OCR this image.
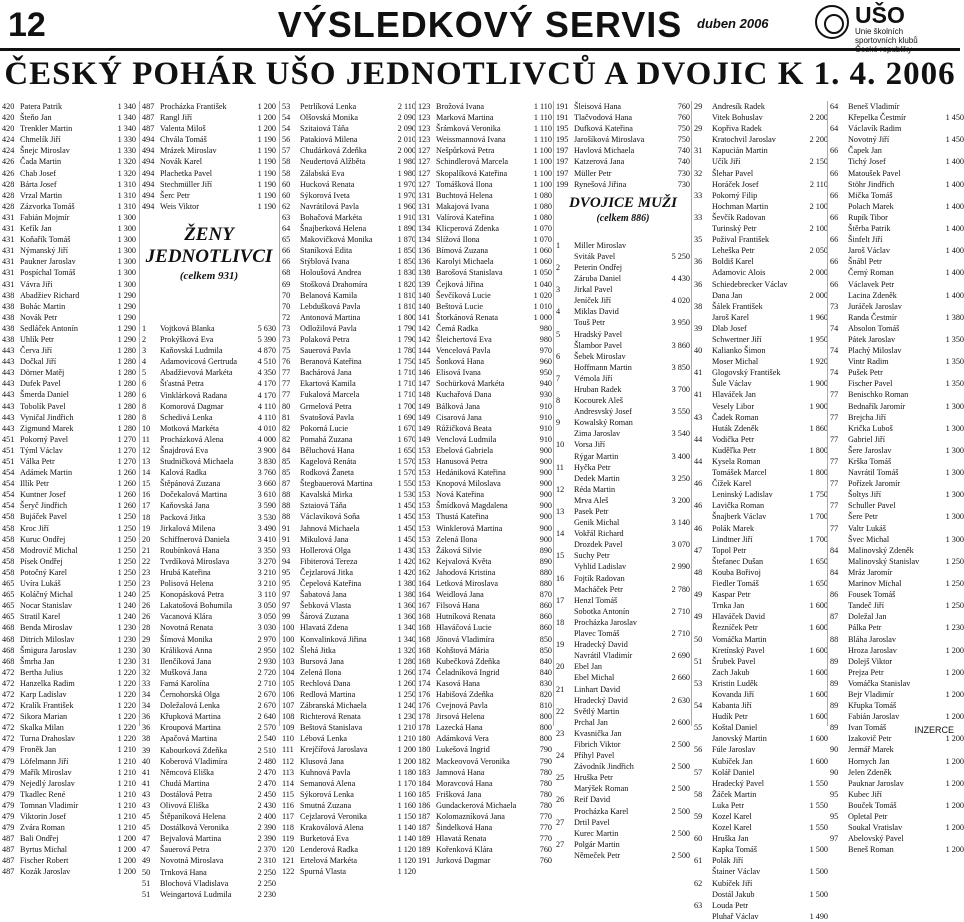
12	VÝSLEDKOVÝ SERVIS	duben 2006	UŠO
Unie školních
sportovních klubů
ČESKÝ POHÁR UŠO JEDNOTLIVCŮ A DVOJIC K 1. 4. 2006
420 Patera Patrik	1 340
420 Šteňo Jan	1 340
420 Trenkler Martin	1 340
424 Chmelík Jiří	1 330
424 Šnejc Miroslav	1 330
426 Čada Martin	1 320
426 Chab Josef	1 320
428 Bárta Josef	1 310
428 Vrzal Martin	1 310
428 Zázvorka Tomáš	1 310
431 Fabián Mojmír	1 300
431 Kefík Jan	1 300
431 Koňařík Tomáš	1 300
431 Nýmanský Jiří	1 300
431 Paukner Jaroslav	1 300
431 Pospíchal Tomáš	1 300
431 Vávra Jiří	1 300
438 Abadžiev Richard	1 290
438 Bohác Martin	1 290
438 Novák Petr	1 290
438 Sedláček Antonín	1 290
438 Uhlík Petr	1 290
443 Červa Jiří	1 280
443 Dočkal Jiří	1 280
443 Dörner Matěj	1 280
443 Dufek Pavel	1 280
443 Šmerda Daniel	1 280
443 Tobolík Pavel	1 280
443 Vyničal Jindřich	1 280
443 Zigmund Marek	1 280
451 Pokorný Pavel	1 270
451 Týml Václav	1 270
451 Válka Petr	1 270
454 Adámek Martin	1 260
454 Illík Petr	1 260
454 Kuntner Josef	1 260
454 Šeryč Jindřich	1 260
458 Bujáček Pavel	1 250
458 Kroc Jiří	1 250
458 Kuruc Ondřej	1 250
458 Modrovič Michal	1 250
458 Písek Ondřej	1 250
458 Potočný Karel	1 250
465 Uvíra Lukáš	1 250
465 Koláčný Michal	1 240
465 Nocar Stanislav	1 240
465 Stratil Karel	1 240
468 Benda Miroslav	1 230
468 Ditrich Miloslav	1 230
468 Šmigura Jaroslav	1 230
468 Šmrha Jan	1 230
472 Bertha Julius	1 220
472 Hanzelka Radim	1 220
472 Karp Ladislav	1 220
472 Kralík František	1 220
472 Sikora Marian	1 220
472 Skalka Milan	1 220
472 Turna Drahoslav	1 220
479 Froněk Jan	1 210
479 Löfelmann Jiří	1 210
479 Mařík Miroslav	1 210
479 Nejedlý Jaroslav	1 210
479 Tkadlec René	1 210
479 Tomnan Vladimír	1 210
479 Viktorin Josef	1 210
479 Zvára Roman	1 210
487 Bali Ondřej	1 200
487 Byrtus Michal	1 200
487 Fischer Robert	1 200
487 Kozák Jaroslav	1 200
487 Procházka František	1 200
487 Rangl Jiří	1 200
487 Valenta Miloš	1 200
494 Chvála Tomáš	1 190
494 Mrázek Miroslav	1 190
494 Novák Karel	1 190
494 Plachetka Pavel	1 190
494 Stechmüller Jiří	1 190
494 Šerc Petr	1 190
494 Weis Viktor	1 190
ŽENY
JEDNOTLIVCI
(celkem 931)
1	Vojtková Blanka	5 630
2	Prokýšková Eva	5 390
3	Kaňovská Ludmila	4 870
4	Adamovicová Gertruda	4 510
5	Abadžievová Markéta	4 350
6	Šťastná Petra	4 170
6	Vinklárková Radana	4 170
8	Komorová Dagmar	4 110
8	Schedivá Lenka	4 110
10	Motková Markéta	4 010
11	Procházková Alena	4 000
12	Šnajdrová Eva	3 900
13	Studničková Michaela	3 830
14	Kalová Radka	3 760
15	Štěpánová Zuzana	3 660
16	Dočekalová Martina	3 610
17	Kaňovská Jana	3 590
18	Packová Jitka	3 530
19	Jirkalová Milena	3 490
20	Schiffnerová Daniela	3 410
21	Roubínková Hana	3 350
22	Tvrdíková Miroslava	3 270
23	Hrubá Kateřina	3 210
23	Polisová Helena	3 210
25	Konopásková Petra	3 110
26	Lakatošová Bohumila	3 050
26	Vacanová Klára	3 050
28	Novotná Renata	3 030
29	Šímová Monika	2 970
30	Králiková Anna	2 950
31	Ilenčíková Jana	2 930
32	Mušková Jana	2 720
33	Farná Karolína	2 710
34	Černohorská Olga	2 670
34	Doležalová Lenka	2 670
36	Křupková Martina	2 640
36	Kroupová Martina	2 570
38	Apačová Martina	2 540
39	Kabourková Zdeňka	2 510
40	Koberová Vladimíra	2 480
41	Němcová Eliška	2 470
41	Chudá Martina	2 470
43	Dostálová Petra	2 450
43	Olivová Eliška	2 430
45	Štěpaníková Helena	2 400
45	Dostálková Veronika	2 390
47	Bejvalová Martina	2 390
47	Šauerová Petra	2 370
49	Novotná Miroslava	2 310
50	Trnková Hana	2 250
51	Blochová Vladislava	2 250
51	Weingartová Ludmila	2 230
53	Petrlíková Lenka	2 110
54	Olšovská Monika	2 090
54	Szitaiová Táňa	2 090
56	Patakiová Milena	2 010
57	Chudárková Zdeňka	2 000
58	Neudertová Alžběta	1 980
58	Zálabská Eva	1 980
60	Hucková Renata	1 970
60	Sýkorová Iveta	1 970
62	Navrátilová Pavla	1 960
63	Bohačová Markéta	1 910
64	Šnajberková Helena	1 890
65	Makovičková Monika	1 870
66	Staníková Edita	1 850
66	Stýblová Ivana	1 850
68	Holoušová Andrea	1 830
69	Stošková Drahomíra	1 820
70	Belanová Kamila	1 810
70	Lebdušková Pavla	1 810
72	Antonová Martina	1 800
73	Odložilová Pavla	1 790
73	Polaková Petra	1 790
75	Sauerová Pavla	1 780
76	Beranová Kateřina	1 750
77	Bachárová Jana	1 710
77	Ekartová Kamila	1 710
77	Fukalová Marcela	1 710
80	Grmelová Petra	1 700
81	Svatošová Pavla	1 690
82	Pokorná Lucie	1 670
82	Pomahá Zuzana	1 670
84	Běluchová Hana	1 650
85	Kagelová Renáta	1 570
85	Rodková Žaneta	1 570
87	Štegbauerová Martina	1 550
88	Kavalská Mirka	1 530
88	Sztaiová Táňa	1 450
88	Václavíková Soňa	1 450
91	Jahnová Michaela	1 450
91	Mikulová Jana	1 450
93	Hollerová Olga	1 430
94	Fibiterová Tereza	1 420
95	Čejzlarová Jitka	1 420
95	Čepelová Kateřina	1 380
97	Šabatová Jana	1 380
97	Šebková Vlasta	1 360
99	Šárová Zuzana	1 360
100 Hlavatá Zdena	1 340
100 Konvalinková Jiřina	1 340
102 Šlehá Jitka	1 320
103 Bursová Jana	1 280
104 Zelená Ilona	1 260
105 Rechlová Dana	1 260
106 Redlová Martina	1 250
107 Zábranská Michaela	1 240
108 Richterová Renata	1 230
109 Beštová Stanislava	1 210
110 Lébová Lenka	1 210
111 Krejčířová Jaroslava	1 200
112 Klusová Jana	1 200
113 Kuhnová Pavla	1 180
114 Semanová Alena	1 170
115 Sýkorová Lenka	1 160
116 Smutná Zuzana	1 160
117 Cejzlarová Veronika	1 150
118 Krakoválová Alena	1 140
119 Burketová Eva	1 140
120 Lenderová Radka	1 120
121 Ertelová Markéta	1 120
122 Spurná Vlasta	1 120
123 Brožová Ivana	1 110
123 Marková Martina	1 110
123 Šrámková Veronika	1 110
123 Weissmannová Ivana	1 110
127 Nešpůrková Petra	1 100
127 Schindlerová Marcela	1 100
127 Skopalíková Kateřina	1 100
127 Tomášková Ilona	1 100
131 Buchtová Helena	1 080
131 Makajová Ivana	1 080
131 Valírová Kateřina	1 080
134 Klicperová Zdenka	1 070
134 Slížová Ilona	1 070
136 Bímová Zuzana	1 060
136 Karolyi Michaela	1 060
138 Barošová Stanislava	1 050
139 Čejková Jiřina	1 040
140 Ševčíková Lucie	1 020
140 Beštová Lucie	1 010
141 Štorkánová Renata	1 000
142 Čemá Radka	980
142 Šleichertová Eva	980
144 Vencelová Pavla	970
145 Šonková Hana	960
146 Elisová Ivana	950
147 Sochürková Markéta	940
148 Kuchařová Dana	930
149 Bálková Jana	910
149 Cisarová Jana	910
149 Růžičková Beata	910
149 Venclová Ludmila	910
153 Ebelová Gabriela	900
153 Hanusová Petra	900
153 Hedániková Kateřina	900
153 Knopová Miloslava	900
153 Nová Kateřina	900
153 Šmídková Magdalena	900
153 Thustá Kateřina	900
153 Winklerová Martina	900
153 Zelená Ilona	900
153 Žáková Silvie	890
162 Kejvalová Květa	890
162 Jahodová Kristina	880
164 Letková Miroslava	880
164 Weidlová Jana	870
167 Filsová Hana	860
168 Hutníková Renata	860
168 Hlaváčová Lucie	860
168 Jőnová Vladimíra	850
168 Kohštová Mária	850
168 Kubečková Zdeňka	840
174 Čeladníková Ingrid	840
174 Kasová Hana	830
176 Habišová Zdeňka	820
176 Cvejnová Pavla	810
178 Jirsová Helena	800
178 Lazecká Hana	800
180 Adámková Vera	800
180 Lukešová Ingrid	790
182 Mackeovová Veronika	790
183 Jamnová Hana	780
184 Moravcová Hana	780
185 Frišková Jana	780
186 Gundackerová Michaela	780
187 Kolomazníková Jana	770
187 Šindelková Hana	770
189 Hlavatá Renata	770
189 Kořenková Klára	760
191 Jurková Dagmar	760
191 Šleisová Hana	760
191 Tlačvodová Hana	760
195 Dufková Kateřina	750
195 Jarošíková Miroslava	750
197 Havlová Michaela	740
197 Katzerová Jana	740
197 Müller Petr	730
199 Rynešová Jiřina	730
DVOJICE MUŽI
(celkem 886)
1	Miller Miroslav
Sviták Pavel	5 250
2	Peterin Ondřej
Záruba Daniel	4 430
3	Jirkal Pavel
Jeníček Jiří	4 020
4	Miklas David
Touš Petr	3 950
5	Hradský Pavel
Šlambor Pavel	3 860
6	Šebek Miroslav
Hoffmann Martin	3 850
7	Vémola Jiří
Hruban Radek	3 700
8	Kocourek Aleš
Andresvský Josef	3 550
9	Kowalský Roman
Zima Jaroslav	3 540
10	Vorsa Jiří
Rýgar Martin	3 400
11	Hyčka Petr
Dedek Martin	3 250
12	Réda Martin
Mrva Aleš	3 200
13	Pasek Petr
Genik Michal	3 140
14	Vokřál Richard
Drozdek Pavel	3 070
15	Suchy Petr
Vyhlid Ladislav	2 990
16	Fojtík Radovan
Macháček Petr	2 780
17	Henzl Tomáš
Sobotka Antonín	2 710
18	Procházka Jaroslav
Plavec Tomáš	2 710
19	Hradecký David
Navrátil Vladimír	2 690
20	Ebel Jan
Ebel Michal	2 660
21	Linhart David
Hradecký David	2 630
22	Světlý Martin
Prchal Jan	2 600
23	Kvasnička Jan
Fibrich Viktor	2 500
24	Příhyl Pavel
Závodník Jindřich	2 500
25	Hruška Petr
Marýšek Roman	2 500
26	Reif David
Procházka Karel	2 500
27	Drtil Pavel
Kurec Martin	2 500
27	Polgár Martin
Němeček Petr	2 500
29	Andresík Radek
Vitek Bohuslav	2 200
29	Kopřiva Radek
Kratochvil Jaroslav	2 200
31	Kapucián Martin
Učík Jiří	2 150
32	Šlehar Pavel
Horáček Josef	2 110
33	Pokorný Filip
Hochman Martin	2 100
33	Ševčík Radovan
Turinský Petr	2 100
35	Požival František
Leheška Petr	2 050
36	Boldiš Karel
Adamovic Alois	2 000
36	Schiedebrecker Václav
Dana Jan	2 000
38	Šálek František
Jaroš Karel	1 960
39	Dlab Josef
Schwertner Jiří	1 950
40	Kalianko Šimon
Moser Michal	1 920
41	Glogovský František
Šule Václav	1 900
41	Hlaváček Jan
Vesely Libor	1 900
43	Čadek Roman
Huták Zdeněk	1 860
44	Vodička Petr
Kuděľka Petr	1 800
44	Kysela Roman
Tomášek Marcel	1 800
46	Čížek Karel
Leninský Ladislav	1 750
46	Lavička Roman
Šnajberk Václav	1 700
46	Polák Marek
Lindtner Jiří	1 700
47	Topol Petr
Štefanec Dušan	1 650
48	Kouba Bořivoj
Fiedler Tomáš	1 650
49	Kaspar Petr
Trnka Jan	1 600
49	Hlaváček David
Řezníček Petr	1 600
50	Vomáčka Martin
Kretínský Pavel	1 600
51	Šrubek Pavel
Zach Jakub	1 600
53	Kristin Luděk
Kovanda Jiří	1 600
54	Kabanta Jiří
Hudík Petr	1 600
55	Koštal Daniel
Janovský Martin	1 600
56	Fúle Jaroslav
Kubíček Jan	1 600
57	Kolář Daniel
Hradecký Pavel	1 550
58	Žáček Martin
Luka Petr	1 550
59	Kozel Karel
Kozel Karel	1 550
60	Hruška Jan
Kapka Tomáš	1 500
61	Polák Jiří
Štainer Václav	1 500
62	Kubíček Jiří
Dostál Jakub	1 500
63	Louda Petr
Pluhař Václav	1 490
64	Beneš Vladimír
Křepelka Čestmír	1 450
64	Václavík Radim
Novotný Jiří	1 450
66	Čapek Jan
Tichý Josef	1 400
66	Matoušek Pavel
Stöhr Jindřich	1 400
66	Mička Tomáš
Polach Marek	1 400
66	Rupík Tibor
Štěrba Patrik	1 400
66	Šinfelt Jiří
Jaroš Václav	1 400
66	Šnábl Petr
Černý Roman	1 400
66	Václavek Petr
Lacina Zdeněk	1 400
73	Juráček Jaroslav
Randa Čestmír	1 380
74	Absolon Tomáš
Pátek Jaroslav	1 350
74	Plachý Miloslav
Vintr Radim	1 350
74	Pušek Petr
Fischer Pavel	1 350
77	Benischko Roman
Bednařík Jaromír	1 300
77	Brejcha Jiří
Krička Luboš	1 300
77	Gabriel Jiří
Šere Jaroslav	1 300
77	Krška Tomáš
Navrátil Tomáš	1 300
77	Pořízek Jaromír
Šoltys Jiří	1 300
77	Schuller Pavel
Šere Petr	1 300
77	Valtr Lukáš
Švec Michal	1 300
84	Malinovský Zdeněk
Malinovský Stanislav	1 250
84	Mráz Jaromír
Marinov Michal	1 250
86	Fousek Tomáš
Tandeč Jiří	1 250
87	Doležal Jan
Pálka Petr	1 230
88	Bláha Jaroslav
Hroza Jaroslav	1 200
89	Dolejš Viktor
Prejza Petr	1 200
89	Vomáčka Stanislav
Bejr Vladimír	1 200
89	Křupka Tomáš
Fabián Jaroslav	1 200
89	Ivan Tomáš
Izakovič Petr	1 200
90	Jermář Marek
Hornych Jan	1 200
90	Jelen Zdeněk
Pauknar Jaroslav	1 200
95	Kubec Jiří
Bouček Tomáš	1 200
95	Opletal Petr
Soukal Vratislav	1 200
97	Abelovský Pavel
Beneš Roman	1 200
INZERCE
